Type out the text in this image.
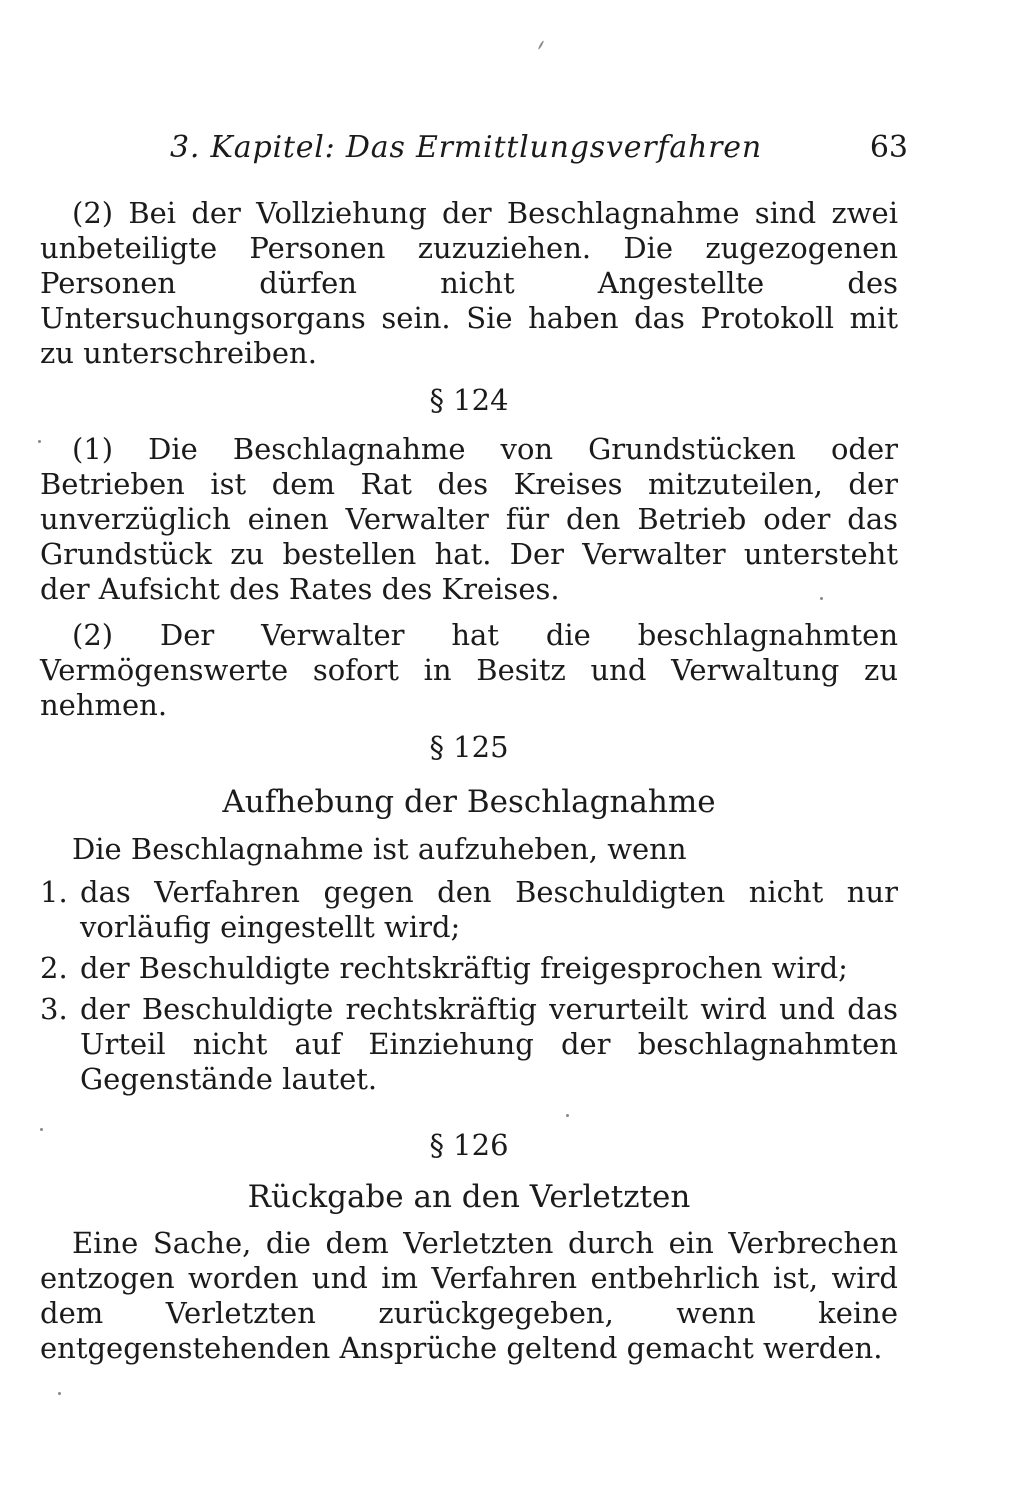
3. Kapitel: Das Ermittlungsverfahren	63

(2) Bei der Vollziehung der Beschlagnahme sind zwei unbeteiligte Personen zuzuziehen. Die zugezogenen Personen dürfen nicht Angestellte des Untersuchungsorgans sein. Sie haben das Protokoll mit zu unterschreiben.

§ 124

(1) Die Beschlagnahme von Grundstücken oder Betrieben ist dem Rat des Kreises mitzuteilen, der unverzüglich einen Verwalter für den Betrieb oder das Grundstück zu bestellen hat. Der Verwalter untersteht der Aufsicht des Rates des Kreises.

(2) Der Verwalter hat die beschlagnahmten Vermögenswerte sofort in Besitz und Verwaltung zu nehmen.

§ 125
Aufhebung der Beschlagnahme

Die Beschlagnahme ist aufzuheben, wenn

1. das Verfahren gegen den Beschuldigten nicht nur vorläufig eingestellt wird;
2. der Beschuldigte rechtskräftig freigesprochen wird;
3. der Beschuldigte rechtskräftig verurteilt wird und das Urteil nicht auf Einziehung der beschlagnahmten Gegenstände lautet.
§ 126
Rückgabe an den Verletzten

Eine Sache, die dem Verletzten durch ein Verbrechen entzogen worden und im Verfahren entbehrlich ist, wird dem Verletzten zurückgegeben, wenn keine entgegenstehenden Ansprüche geltend gemacht werden.
